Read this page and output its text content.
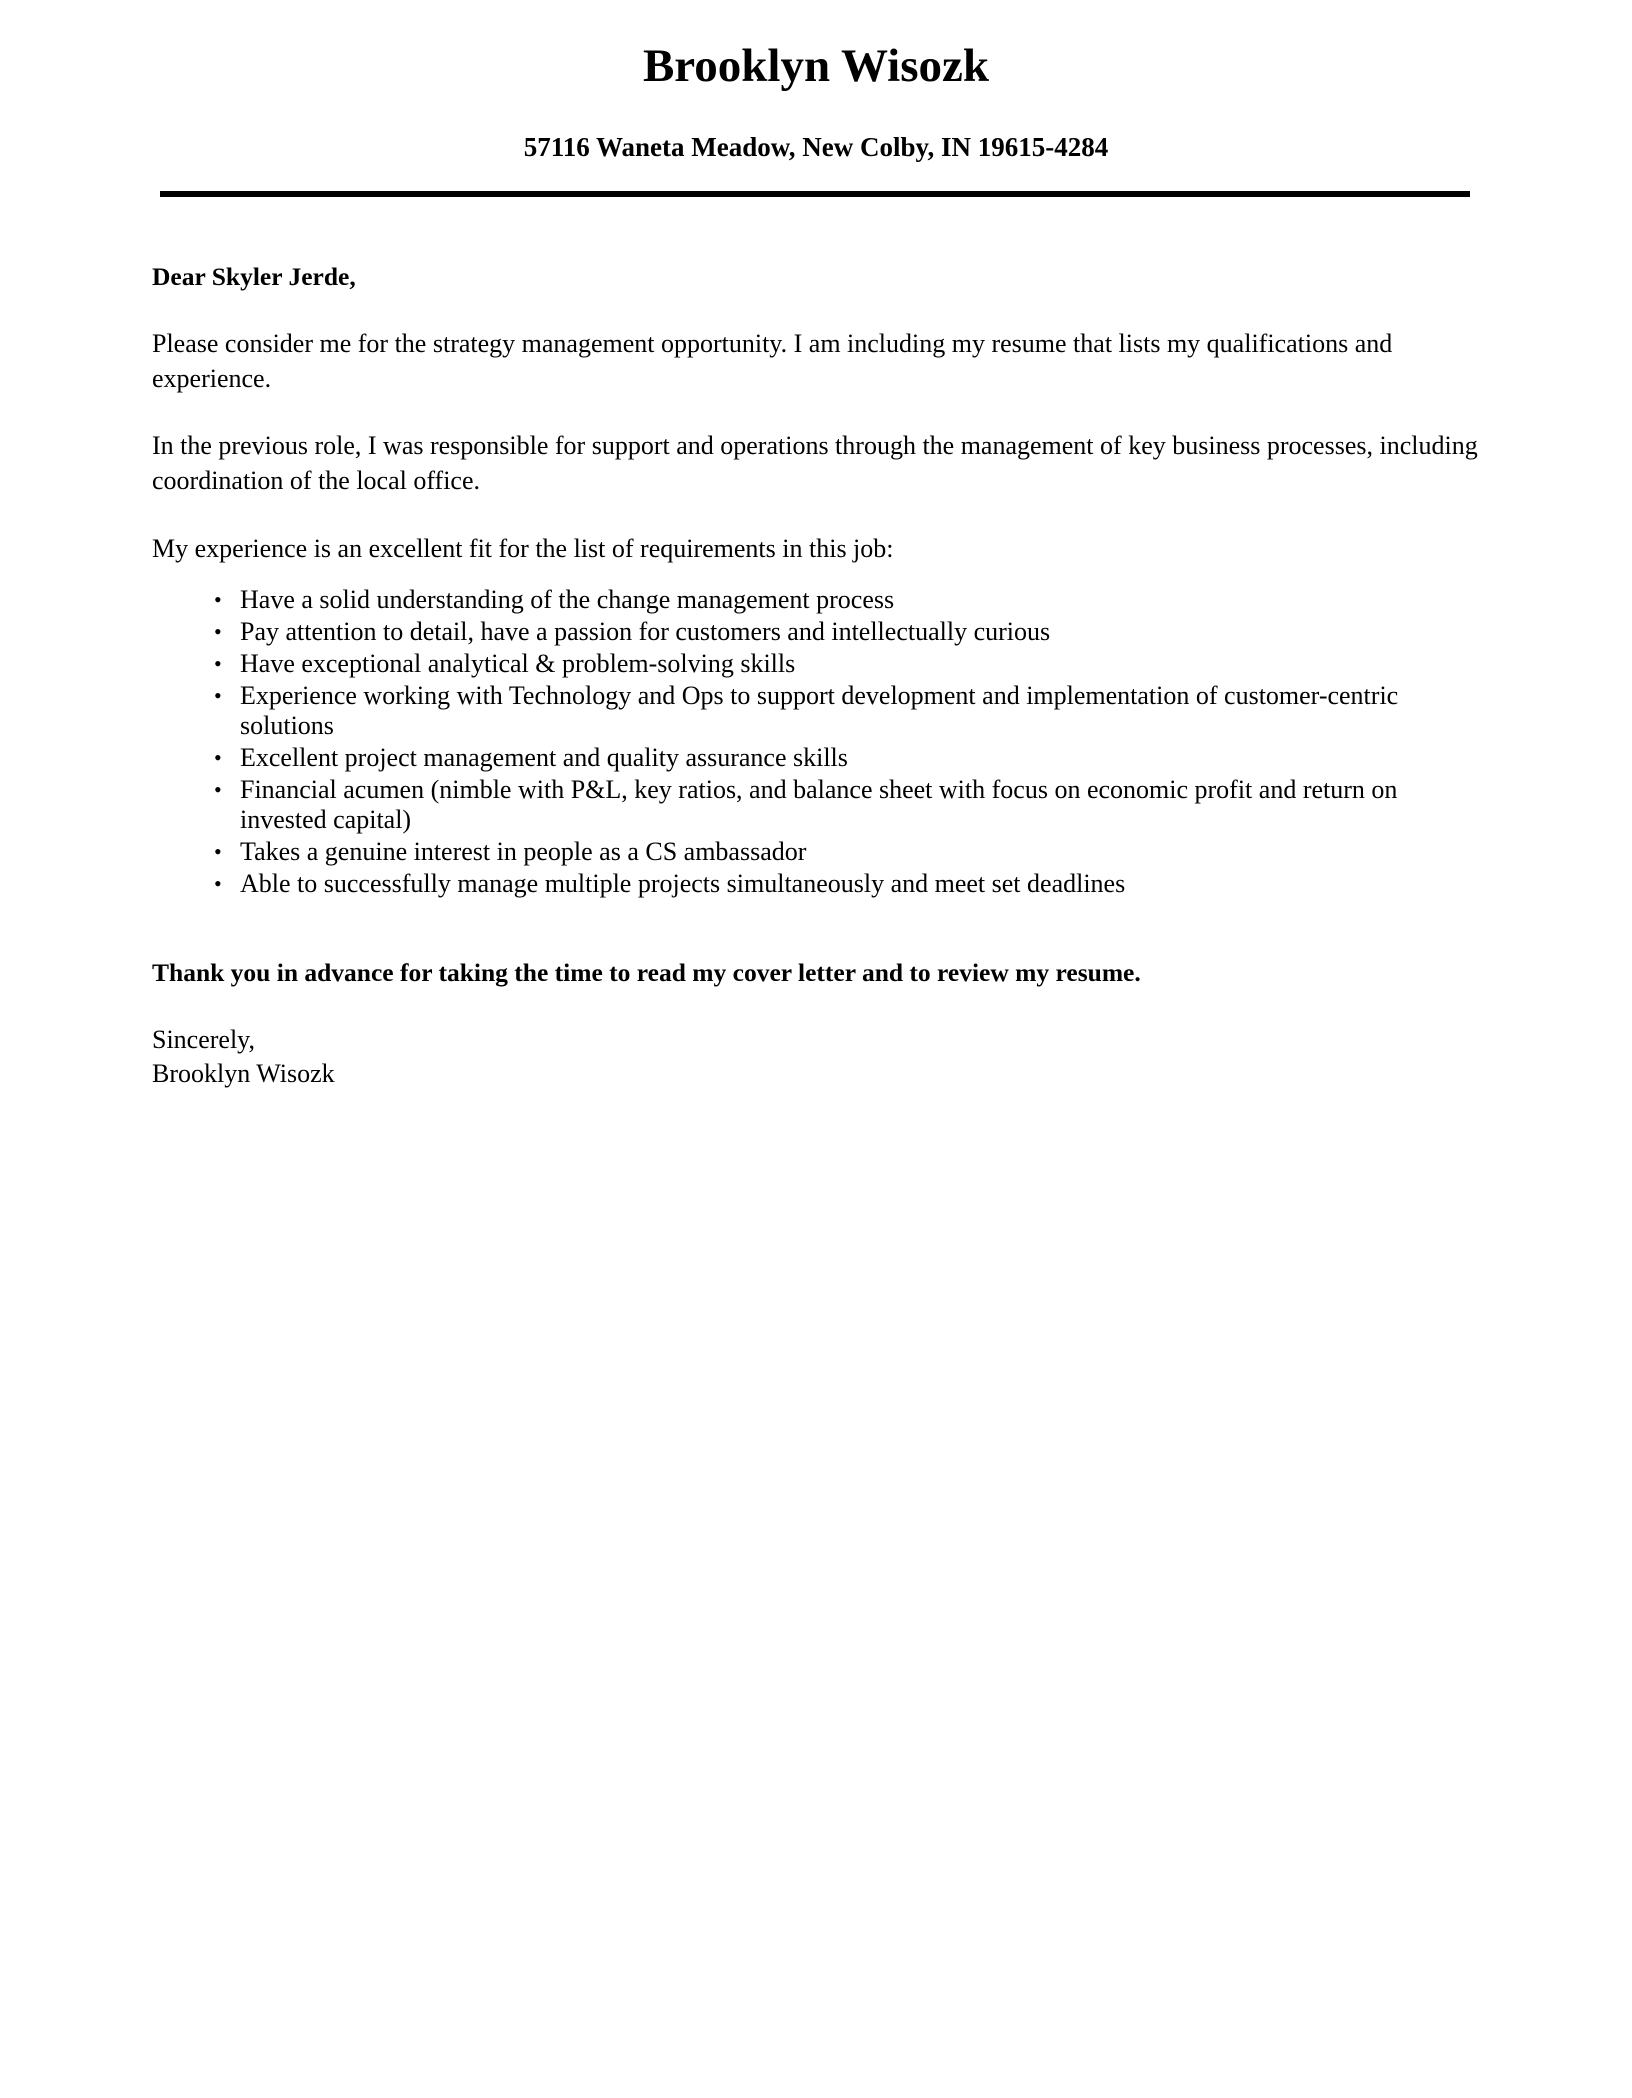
Brooklyn Wisozk
57116 Waneta Meadow, New Colby, IN 19615-4284

Dear Skyler Jerde,

Please consider me for the strategy management opportunity. I am including my resume that lists my qualifications and experience.

In the previous role, I was responsible for support and operations through the management of key business processes, including coordination of the local office.

My experience is an excellent fit for the list of requirements in this job:

• Have a solid understanding of the change management process
• Pay attention to detail, have a passion for customers and intellectually curious
• Have exceptional analytical & problem-solving skills
• Experience working with Technology and Ops to support development and implementation of customer-centric solutions
• Excellent project management and quality assurance skills
• Financial acumen (nimble with P&L, key ratios, and balance sheet with focus on economic profit and return on invested capital)
• Takes a genuine interest in people as a CS ambassador
• Able to successfully manage multiple projects simultaneously and meet set deadlines

Thank you in advance for taking the time to read my cover letter and to review my resume.

Sincerely,
Brooklyn Wisozk
